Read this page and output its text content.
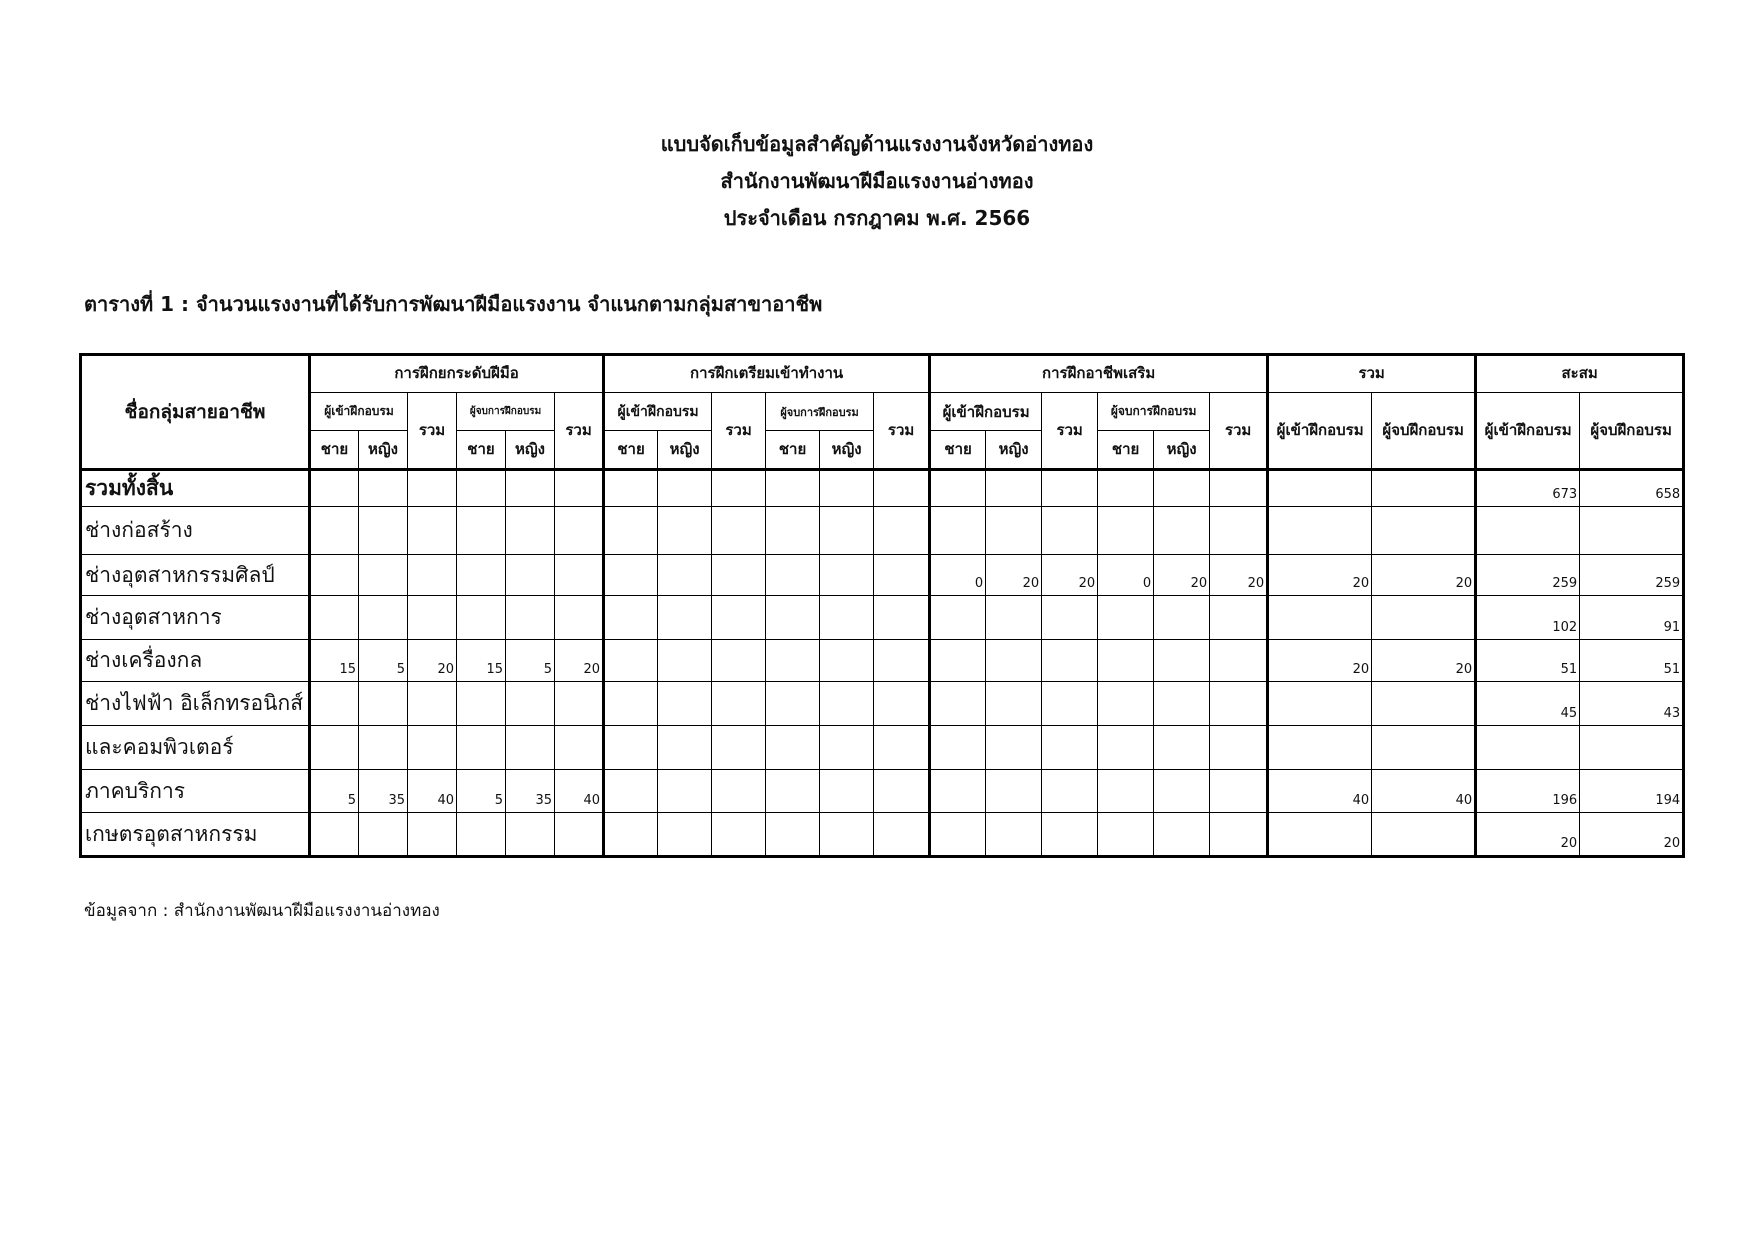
แบบจัดเก็บข้อมูลสำคัญด้านแรงงานจังหวัดอ่างทอง
สำนักงานพัฒนาฝีมือแรงงานอ่างทอง
ประจำเดือน กรกฎาคม พ.ศ. 2566
ตารางที่ 1 : จำนวนแรงงานที่ได้รับการพัฒนาฝีมือแรงงาน จำแนกตามกลุ่มสาขาอาชีพ
ชื่อกลุ่มสายอาชีพ	การฝึกยกระดับฝีมือ						การฝึกเตรียมเข้าทำงาน						การฝึกอาชีพเสริม						รวม		สะสม	
	ผู้เข้าฝึกอบรม		รวม	ผู้จบการฝึกอบรม		รวม	ผู้เข้าฝึกอบรม		รวม	ผู้จบการฝึกอบรม		รวม	ผู้เข้าฝึกอบรม		รวม	ผู้จบการฝึกอบรม		รวม	ผู้เข้าฝึกอบรม	ผู้จบฝึกอบรม	ผู้เข้าฝึกอบรม	ผู้จบฝึกอบรม
	ชาย	หญิง		ชาย	หญิง		ชาย	หญิง		ชาย	หญิง		ชาย	หญิง		ชาย	หญิง					
รวมทั้งสิ้น																					673	658
ช่างก่อสร้าง																						
ช่างอุตสาหกรรมศิลป์													0	20	20	0	20	20	20	20	259	259
ช่างอุตสาหการ																					102	91
ช่างเครื่องกล	15	5	20	15	5	20													20	20	51	51
ช่างไฟฟ้า อิเล็กทรอนิกส์																					45	43
และคอมพิวเตอร์																						
ภาคบริการ	5	35	40	5	35	40													40	40	196	194
เกษตรอุตสาหกรรม																					20	20
ข้อมูลจาก : สำนักงานพัฒนาฝีมือแรงงานอ่างทอง
